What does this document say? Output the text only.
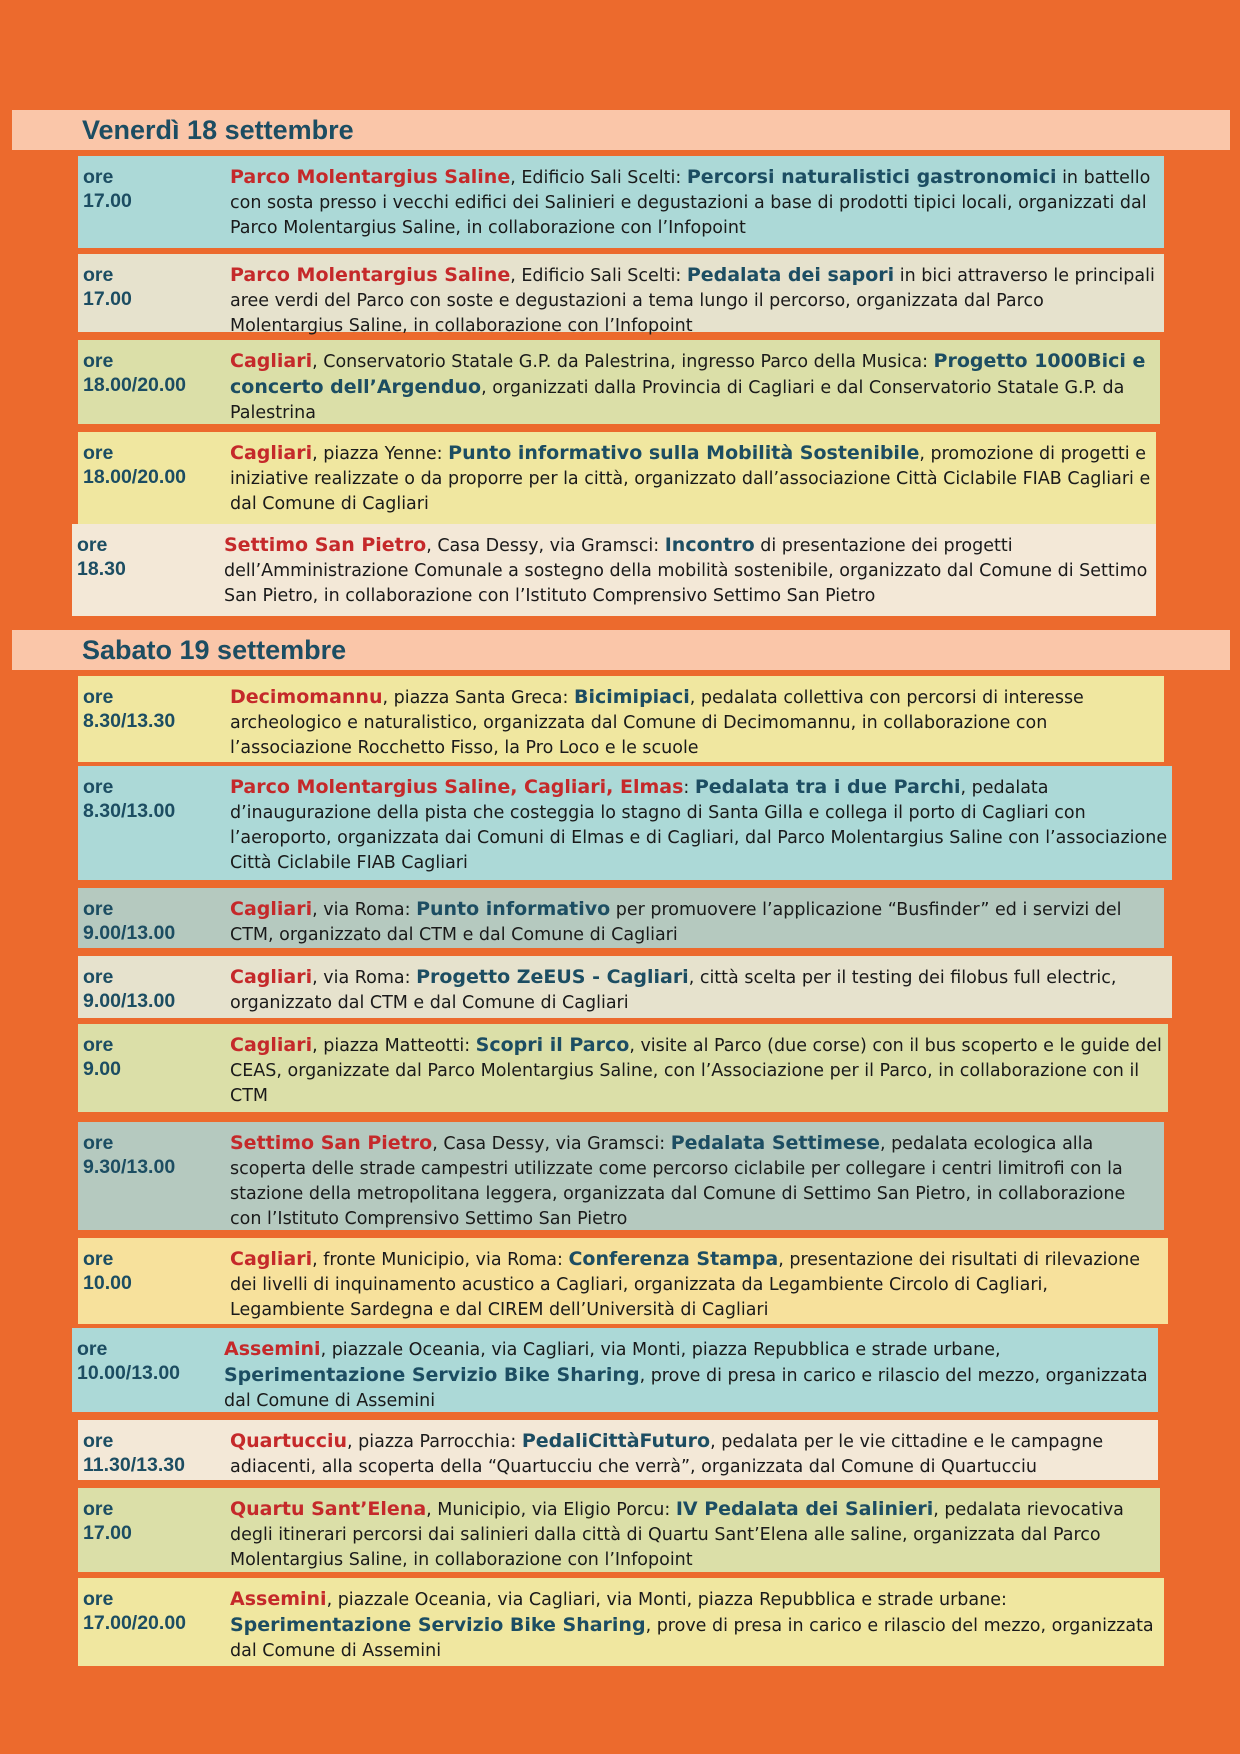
Venerdì 18 settembre
ore
17.00
Parco Molentargius Saline, Edificio Sali Scelti: Percorsi naturalistici gastronomici in battello con sosta presso i vecchi edifici dei Salinieri e degustazioni a base di prodotti tipici locali, organizzati dal Parco Molentargius Saline, in collaborazione con l’Infopoint
ore
17.00
Parco Molentargius Saline, Edificio Sali Scelti: Pedalata dei sapori in bici attraverso le principali aree verdi del Parco con soste e degustazioni a tema lungo il percorso, organizzata dal Parco Molentargius Saline, in collaborazione con l’Infopoint
ore
18.00/20.00
Cagliari, Conservatorio Statale G.P. da Palestrina, ingresso Parco della Musica: Progetto 1000Bici e concerto dell’Argenduo, organizzati dalla Provincia di Cagliari e dal Conservatorio Statale G.P. da Palestrina
ore
18.00/20.00
Cagliari, piazza Yenne: Punto informativo sulla Mobilità Sostenibile, promozione di progetti e iniziative realizzate o da proporre per la città, organizzato dall’associazione Città Ciclabile FIAB Cagliari e dal Comune di Cagliari
ore
18.30
Settimo San Pietro, Casa Dessy, via Gramsci: Incontro di presentazione dei progetti dell’Amministrazione Comunale a sostegno della mobilità sostenibile, organizzato dal Comune di Settimo San Pietro, in collaborazione con l’Istituto Comprensivo Settimo San Pietro
Sabato 19 settembre
ore
8.30/13.30
Decimomannu, piazza Santa Greca: Bicimipiaci, pedalata collettiva con percorsi di interesse archeologico e naturalistico, organizzata dal Comune di Decimomannu, in collaborazione con l’associazione Rocchetto Fisso, la Pro Loco e le scuole
ore
8.30/13.00
Parco Molentargius Saline, Cagliari, Elmas: Pedalata tra i due Parchi, pedalata d’inaugurazione della pista che costeggia lo stagno di Santa Gilla e collega il porto di Cagliari con l’aeroporto, organizzata dai Comuni di Elmas e di Cagliari, dal Parco Molentargius Saline con l’associazione Città Ciclabile FIAB Cagliari
ore
9.00/13.00
Cagliari, via Roma: Punto informativo per promuovere l’applicazione “Busfinder” ed i servizi del CTM, organizzato dal CTM e dal Comune di Cagliari
ore
9.00/13.00
Cagliari, via Roma: Progetto ZeEUS - Cagliari, città scelta per il testing dei filobus full electric, organizzato dal CTM e dal Comune di Cagliari
ore
9.00
Cagliari, piazza Matteotti: Scopri il Parco, visite al Parco (due corse) con il bus scoperto e le guide del CEAS, organizzate dal Parco Molentargius Saline, con l’Associazione per il Parco, in collaborazione con il CTM
ore
9.30/13.00
Settimo San Pietro, Casa Dessy, via Gramsci: Pedalata Settimese, pedalata ecologica alla scoperta delle strade campestri utilizzate come percorso ciclabile per collegare i centri limitrofi con la stazione della metropolitana leggera, organizzata dal Comune di Settimo San Pietro, in collaborazione con l’Istituto Comprensivo Settimo San Pietro
ore
10.00
Cagliari, fronte Municipio, via Roma: Conferenza Stampa, presentazione dei risultati di rilevazione dei livelli di inquinamento acustico a Cagliari, organizzata da Legambiente Circolo di Cagliari, Legambiente Sardegna e dal CIREM dell’Università di Cagliari
ore
10.00/13.00
Assemini, piazzale Oceania, via Cagliari, via Monti, piazza Repubblica e strade urbane, Sperimentazione Servizio Bike Sharing, prove di presa in carico e rilascio del mezzo, organizzata dal Comune di Assemini
ore
11.30/13.30
Quartucciu, piazza Parrocchia: PedaliCittàFuturo, pedalata per le vie cittadine e le campagne adiacenti, alla scoperta della “Quartucciu che verrà”, organizzata dal Comune di Quartucciu
ore
17.00
Quartu Sant’Elena, Municipio, via Eligio Porcu: IV Pedalata dei Salinieri, pedalata rievocativa degli itinerari percorsi dai salinieri dalla città di Quartu Sant’Elena alle saline, organizzata dal Parco Molentargius Saline, in collaborazione con l’Infopoint
ore
17.00/20.00
Assemini, piazzale Oceania, via Cagliari, via Monti, piazza Repubblica e strade urbane: Sperimentazione Servizio Bike Sharing, prove di presa in carico e rilascio del mezzo, organizzata dal Comune di Assemini
